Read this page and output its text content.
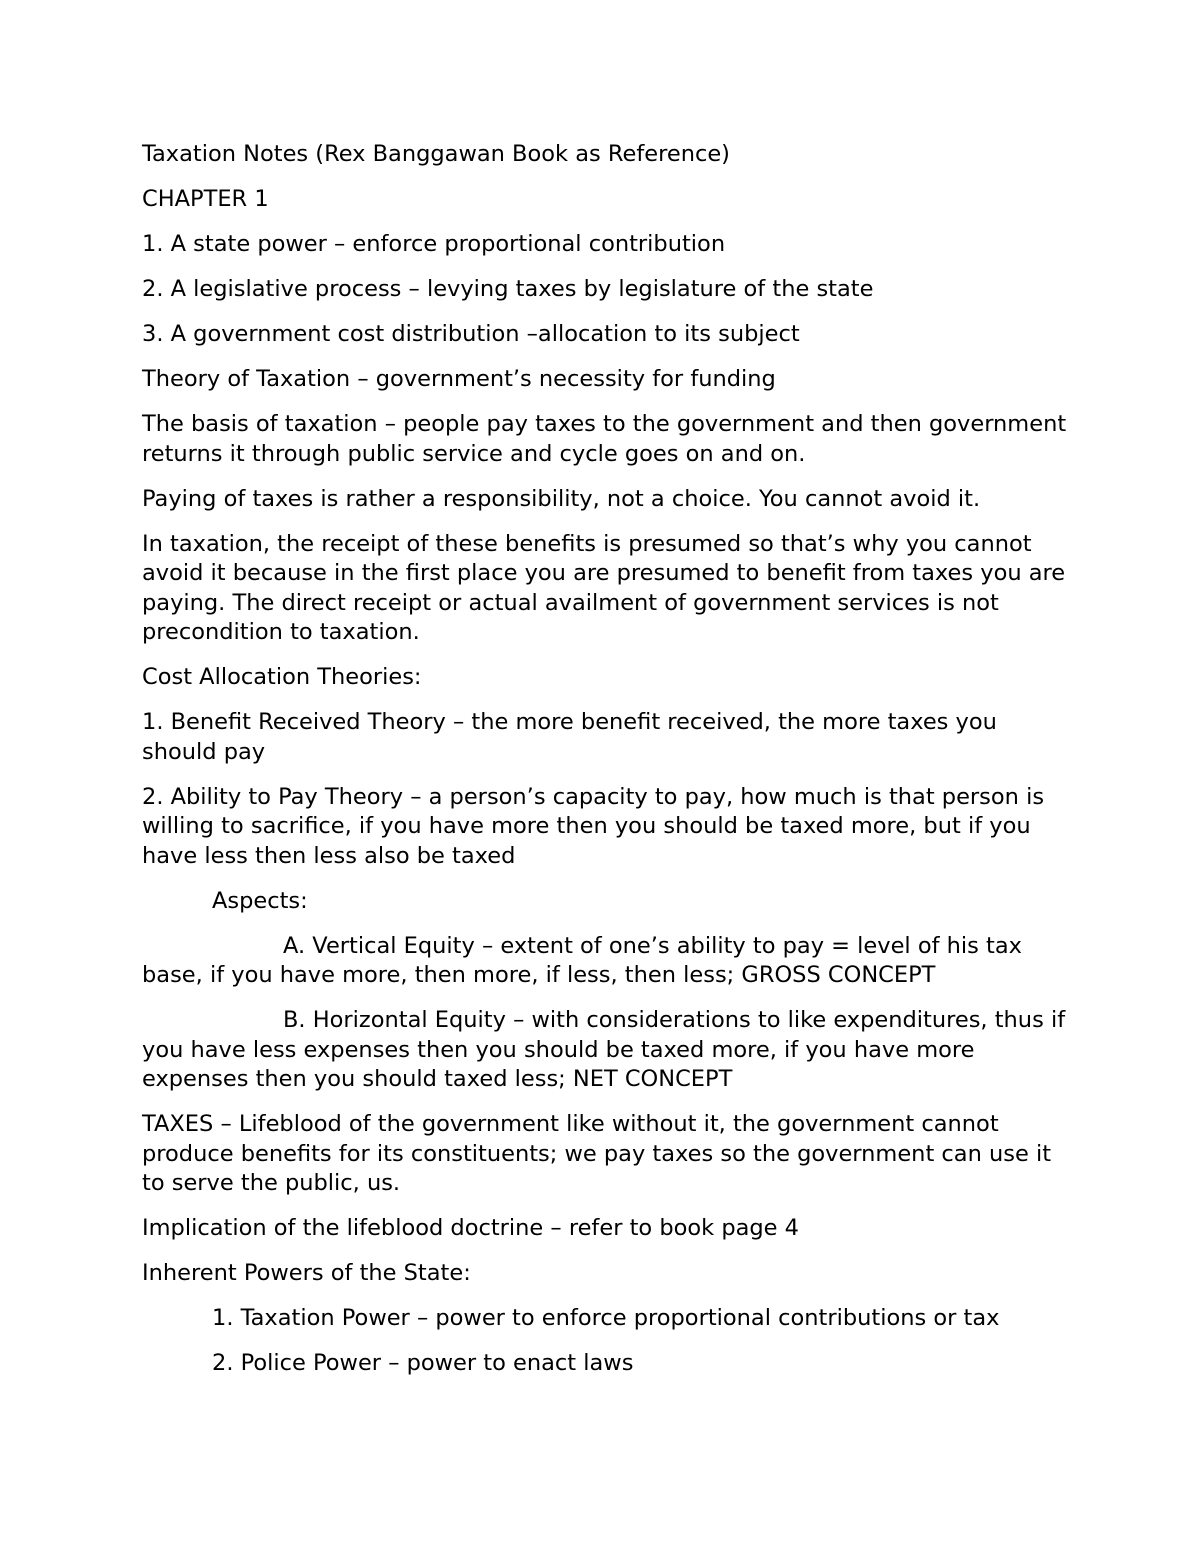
Taxation Notes (Rex Banggawan Book as Reference)

CHAPTER 1

1. A state power – enforce proportional contribution

2. A legislative process – levying taxes by legislature of the state

3. A government cost distribution –allocation to its subject

Theory of Taxation – government’s necessity for funding

The basis of taxation – people pay taxes to the government and then government returns it through public service and cycle goes on and on.

Paying of taxes is rather a responsibility, not a choice. You cannot avoid it.

In taxation, the receipt of these benefits is presumed so that’s why you cannot avoid it because in the first place you are presumed to benefit from taxes you are paying. The direct receipt or actual availment of government services is not precondition to taxation.

Cost Allocation Theories:

1. Benefit Received Theory – the more benefit received, the more taxes you should pay

2. Ability to Pay Theory – a person’s capacity to pay, how much is that person is willing to sacrifice, if you have more then you should be taxed more, but if you have less then less also be taxed

Aspects:

A. Vertical Equity – extent of one’s ability to pay = level of his tax base, if you have more, then more, if less, then less; GROSS CONCEPT

B. Horizontal Equity – with considerations to like expenditures, thus if you have less expenses then you should be taxed more, if you have more expenses then you should taxed less; NET CONCEPT

TAXES – Lifeblood of the government like without it, the government cannot produce benefits for its constituents; we pay taxes so the government can use it to serve the public, us.

Implication of the lifeblood doctrine – refer to book page 4

Inherent Powers of the State:

1. Taxation Power – power to enforce proportional contributions or tax

2. Police Power – power to enact laws
